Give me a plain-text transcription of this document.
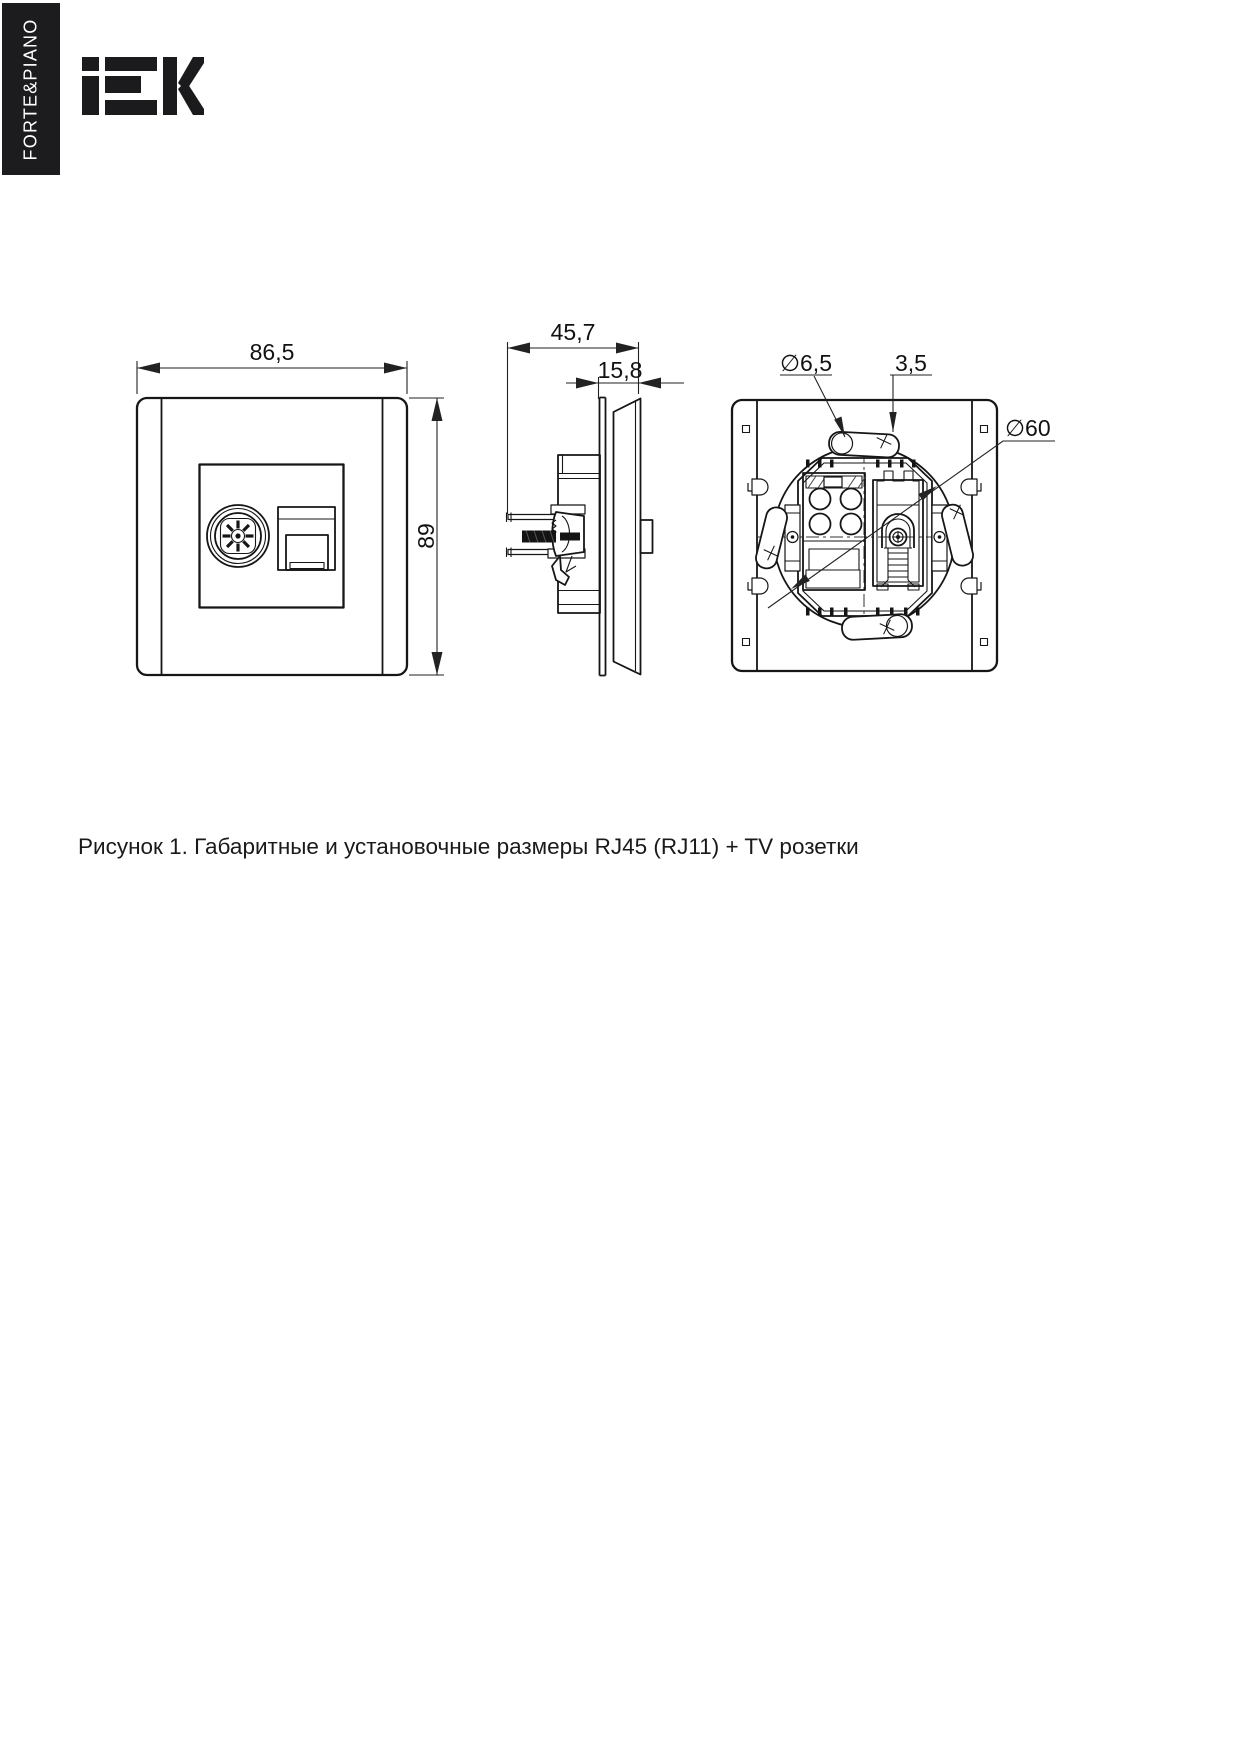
FORTE&PIANO
86,5
89
45,7
15,8	∅6,5	3,5
∅60
Рисунок 1. Габаритные и установочные размеры RJ45 (RJ11) + TV розетки
